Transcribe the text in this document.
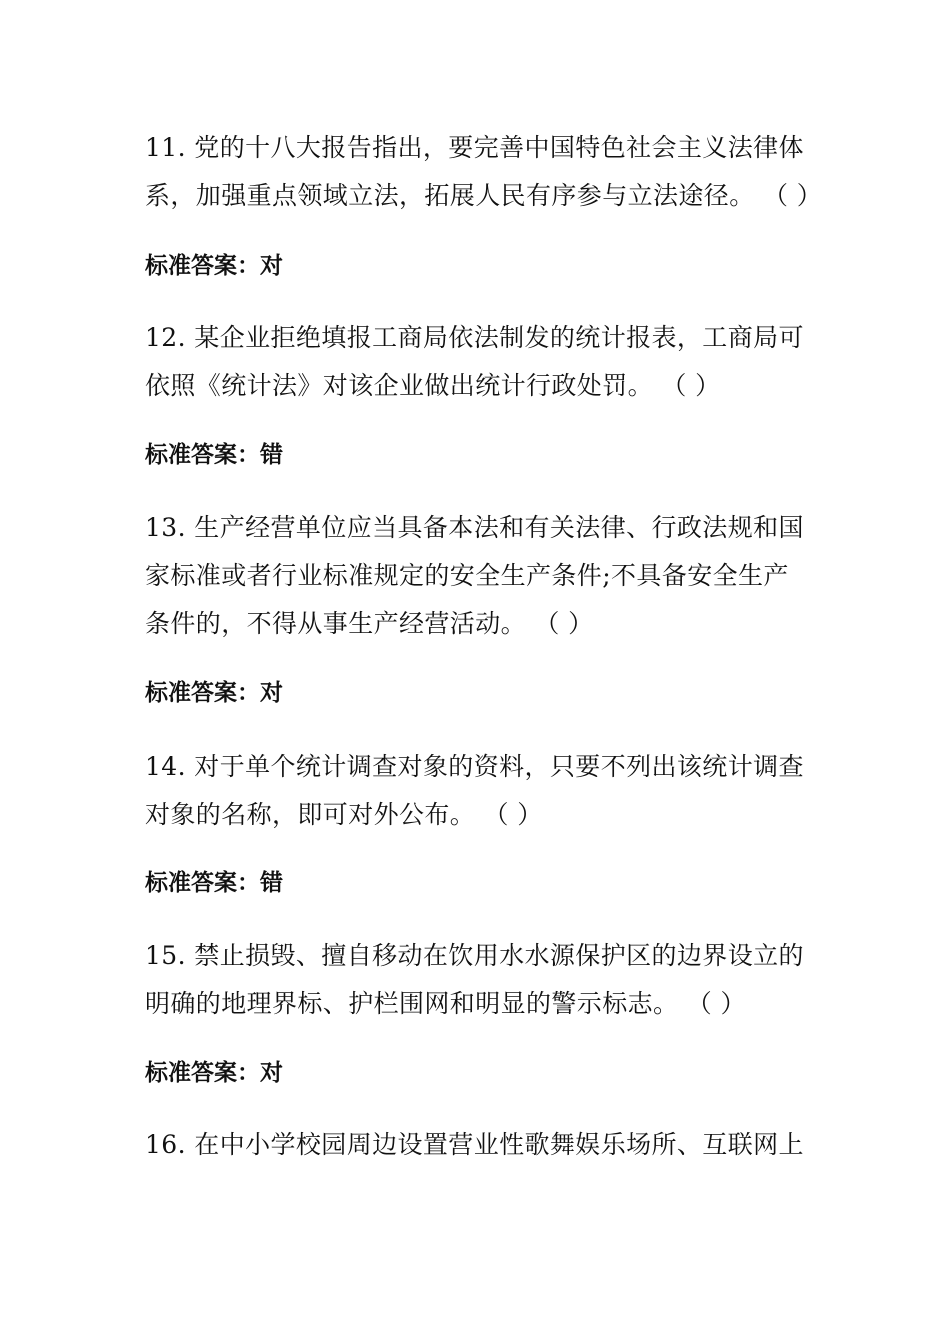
11. 党的十八大报告指出，要完善中国特色社会主义法律体
系，加强重点领域立法，拓展人民有序参与立法途径。 （ ）
标准答案：对
12. 某企业拒绝填报工商局依法制发的统计报表，工商局可
依照《统计法》对该企业做出统计行政处罚。 （ ）
标准答案：错
13. 生产经营单位应当具备本法和有关法律、行政法规和国
家标准或者行业标准规定的安全生产条件;不具备安全生产
条件的，不得从事生产经营活动。 （ ）
标准答案：对
14. 对于单个统计调查对象的资料，只要不列出该统计调查
对象的名称，即可对外公布。 （ ）
标准答案：错
15. 禁止损毁、擅自移动在饮用水水源保护区的边界设立的
明确的地理界标、护栏围网和明显的警示标志。 （ ）
标准答案：对
16. 在中小学校园周边设置营业性歌舞娱乐场所、互联网上
